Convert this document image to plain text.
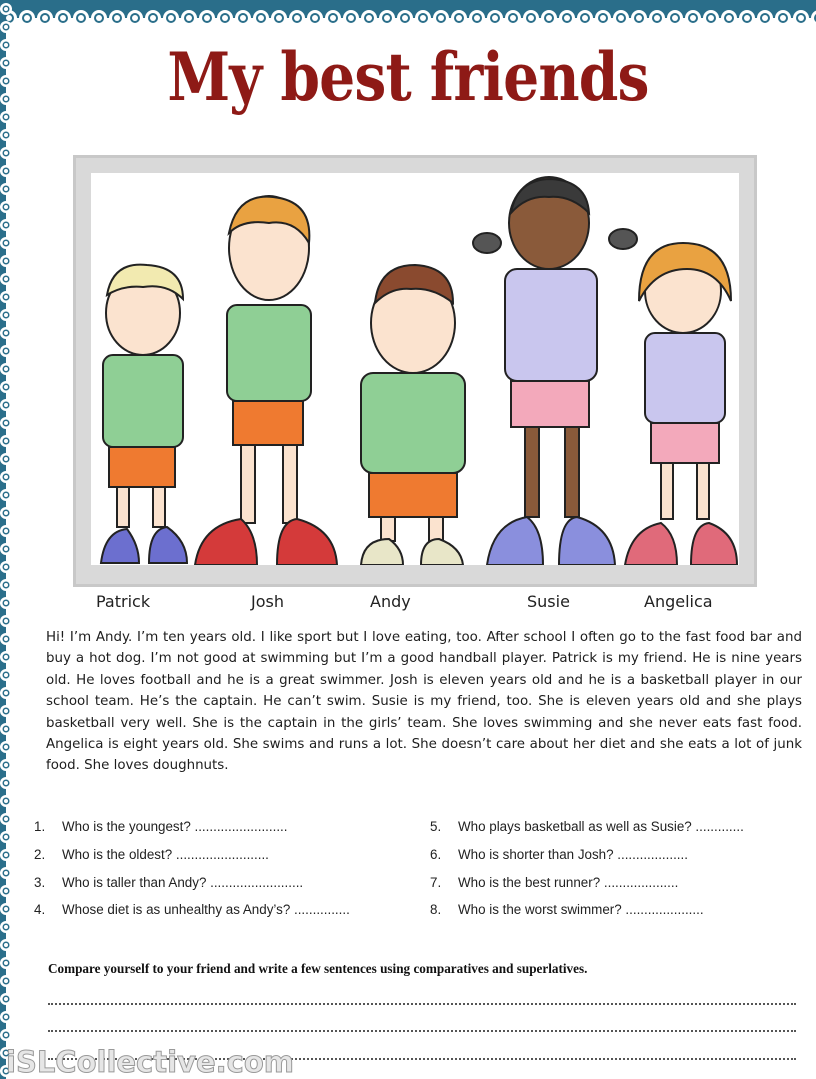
My best friends
Patrick	Josh	Andy	Susie	Angelica
Hi! I’m Andy. I’m ten years old. I like sport but I love eating, too. After school I often go to the fast food bar and buy a hot dog. I’m not good at swimming but I’m a good handball player. Patrick is my friend. He is nine years old. He loves football and he is a great swimmer. Josh is eleven years old and he is a basketball player in our school team. He’s the captain. He can’t swim. Susie is my friend, too. She is eleven years old and she plays basketball very well. She is the captain in the girls’ team. She loves swimming and she never eats fast food. Angelica is eight years old. She swims and runs a lot. She doesn’t care about her diet and she eats a lot of junk food. She loves doughnuts.
1. Who is the youngest? .........................
2. Who is the oldest? .........................
3. Who is taller than Andy? .........................
4. Whose diet is as unhealthy as Andy’s? ...............
5. Who plays basketball as well as Susie? .............
6. Who is shorter than Josh? ...................
7. Who is the best runner? ....................
8. Who is the worst swimmer? .....................
Compare yourself to your friend and write a few sentences using comparatives and superlatives.
iSLCollective.com
